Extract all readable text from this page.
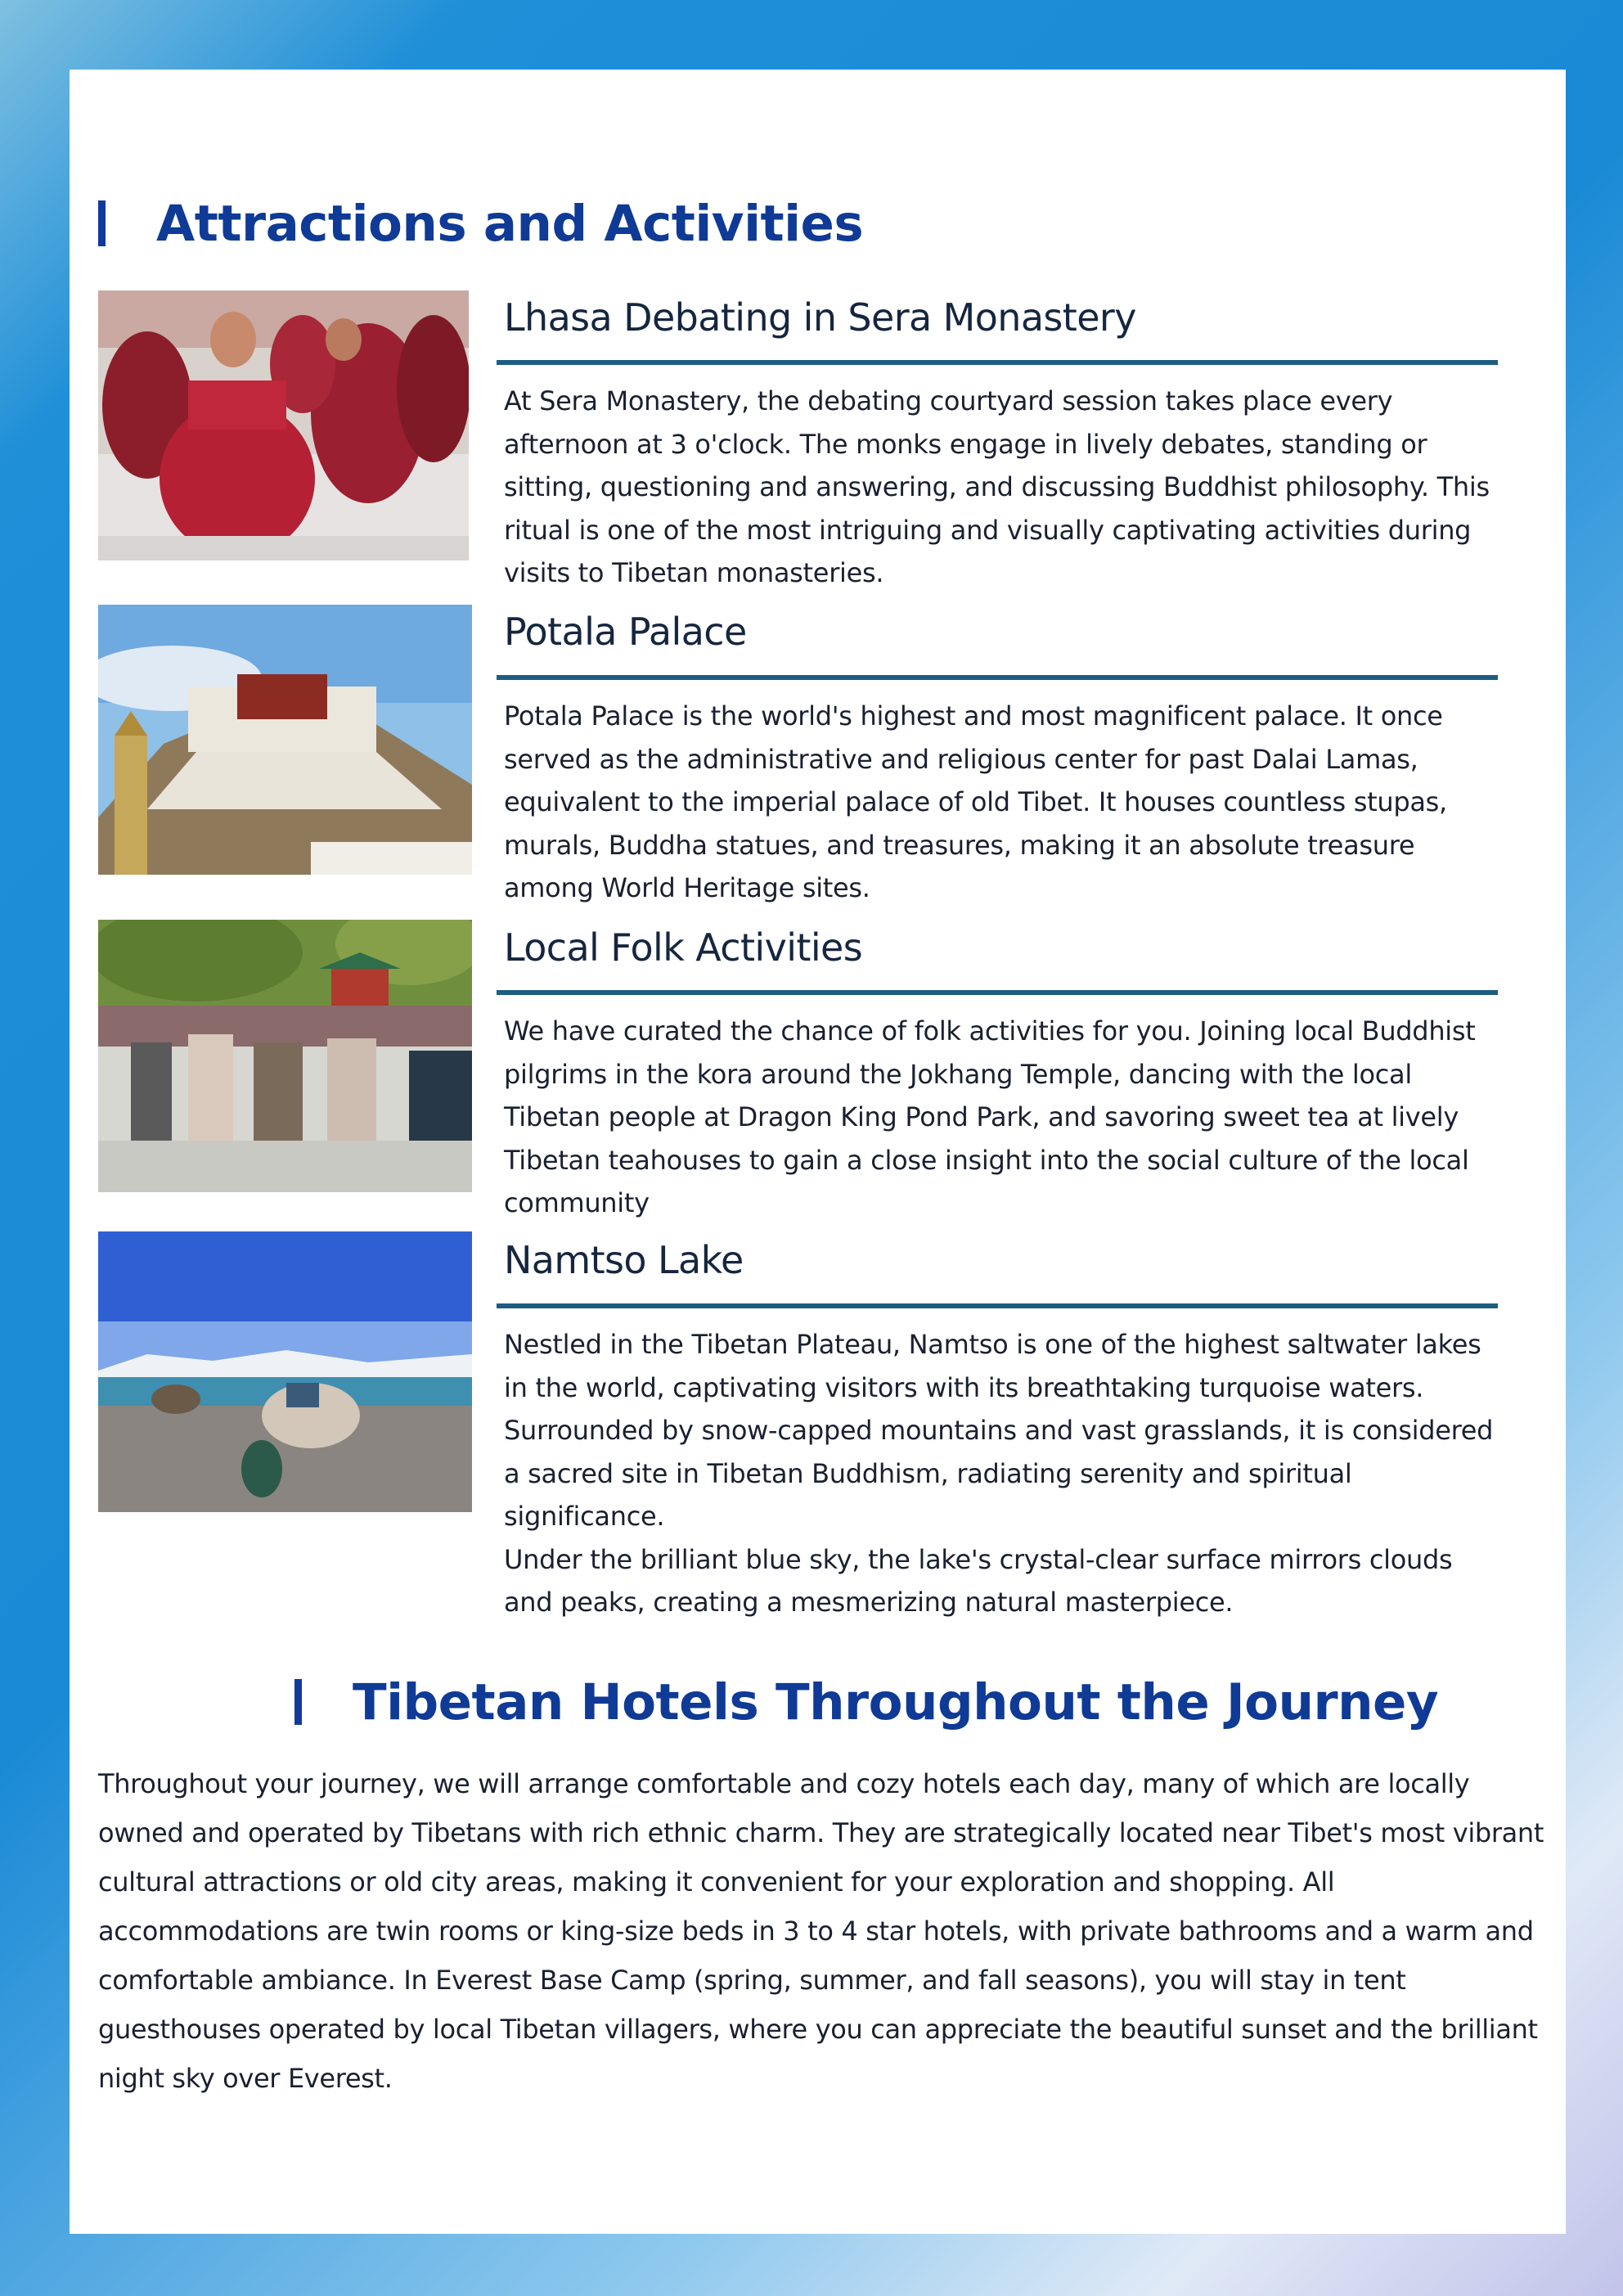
Attractions and Activities
Lhasa Debating in Sera Monastery
At Sera Monastery, the debating courtyard session takes place every afternoon at 3 o'clock. The monks engage in lively debates, standing or sitting, questioning and answering, and discussing Buddhist philosophy. This ritual is one of the most intriguing and visually captivating activities during visits to Tibetan monasteries.
Potala Palace
Potala Palace is the world's highest and most magnificent palace. It once served as the administrative and religious center for past Dalai Lamas, equivalent to the imperial palace of old Tibet. It houses countless stupas, murals, Buddha statues, and treasures, making it an absolute treasure among World Heritage sites.
Local Folk Activities
We have curated the chance of folk activities for you. Joining local Buddhist pilgrims in the kora around the Jokhang Temple, dancing with the local Tibetan people at Dragon King Pond Park, and savoring sweet tea at lively Tibetan teahouses to gain a close insight into the social culture of the local community
Namtso Lake
Nestled in the Tibetan Plateau, Namtso is one of the highest saltwater lakes in the world, captivating visitors with its breathtaking turquoise waters.
Surrounded by snow-capped mountains and vast grasslands, it is considered a sacred site in Tibetan Buddhism, radiating serenity and spiritual significance.
Under the brilliant blue sky, the lake's crystal-clear surface mirrors clouds and peaks, creating a mesmerizing natural masterpiece.
Tibetan Hotels Throughout the Journey
Throughout your journey, we will arrange comfortable and cozy hotels each day, many of which are locally owned and operated by Tibetans with rich ethnic charm. They are strategically located near Tibet's most vibrant cultural attractions or old city areas, making it convenient for your exploration and shopping. All accommodations are twin rooms or king-size beds in 3 to 4 star hotels, with private bathrooms and a warm and comfortable ambiance. In Everest Base Camp (spring, summer, and fall seasons), you will stay in tent guesthouses operated by local Tibetan villagers, where you can appreciate the beautiful sunset and the brilliant night sky over Everest.
